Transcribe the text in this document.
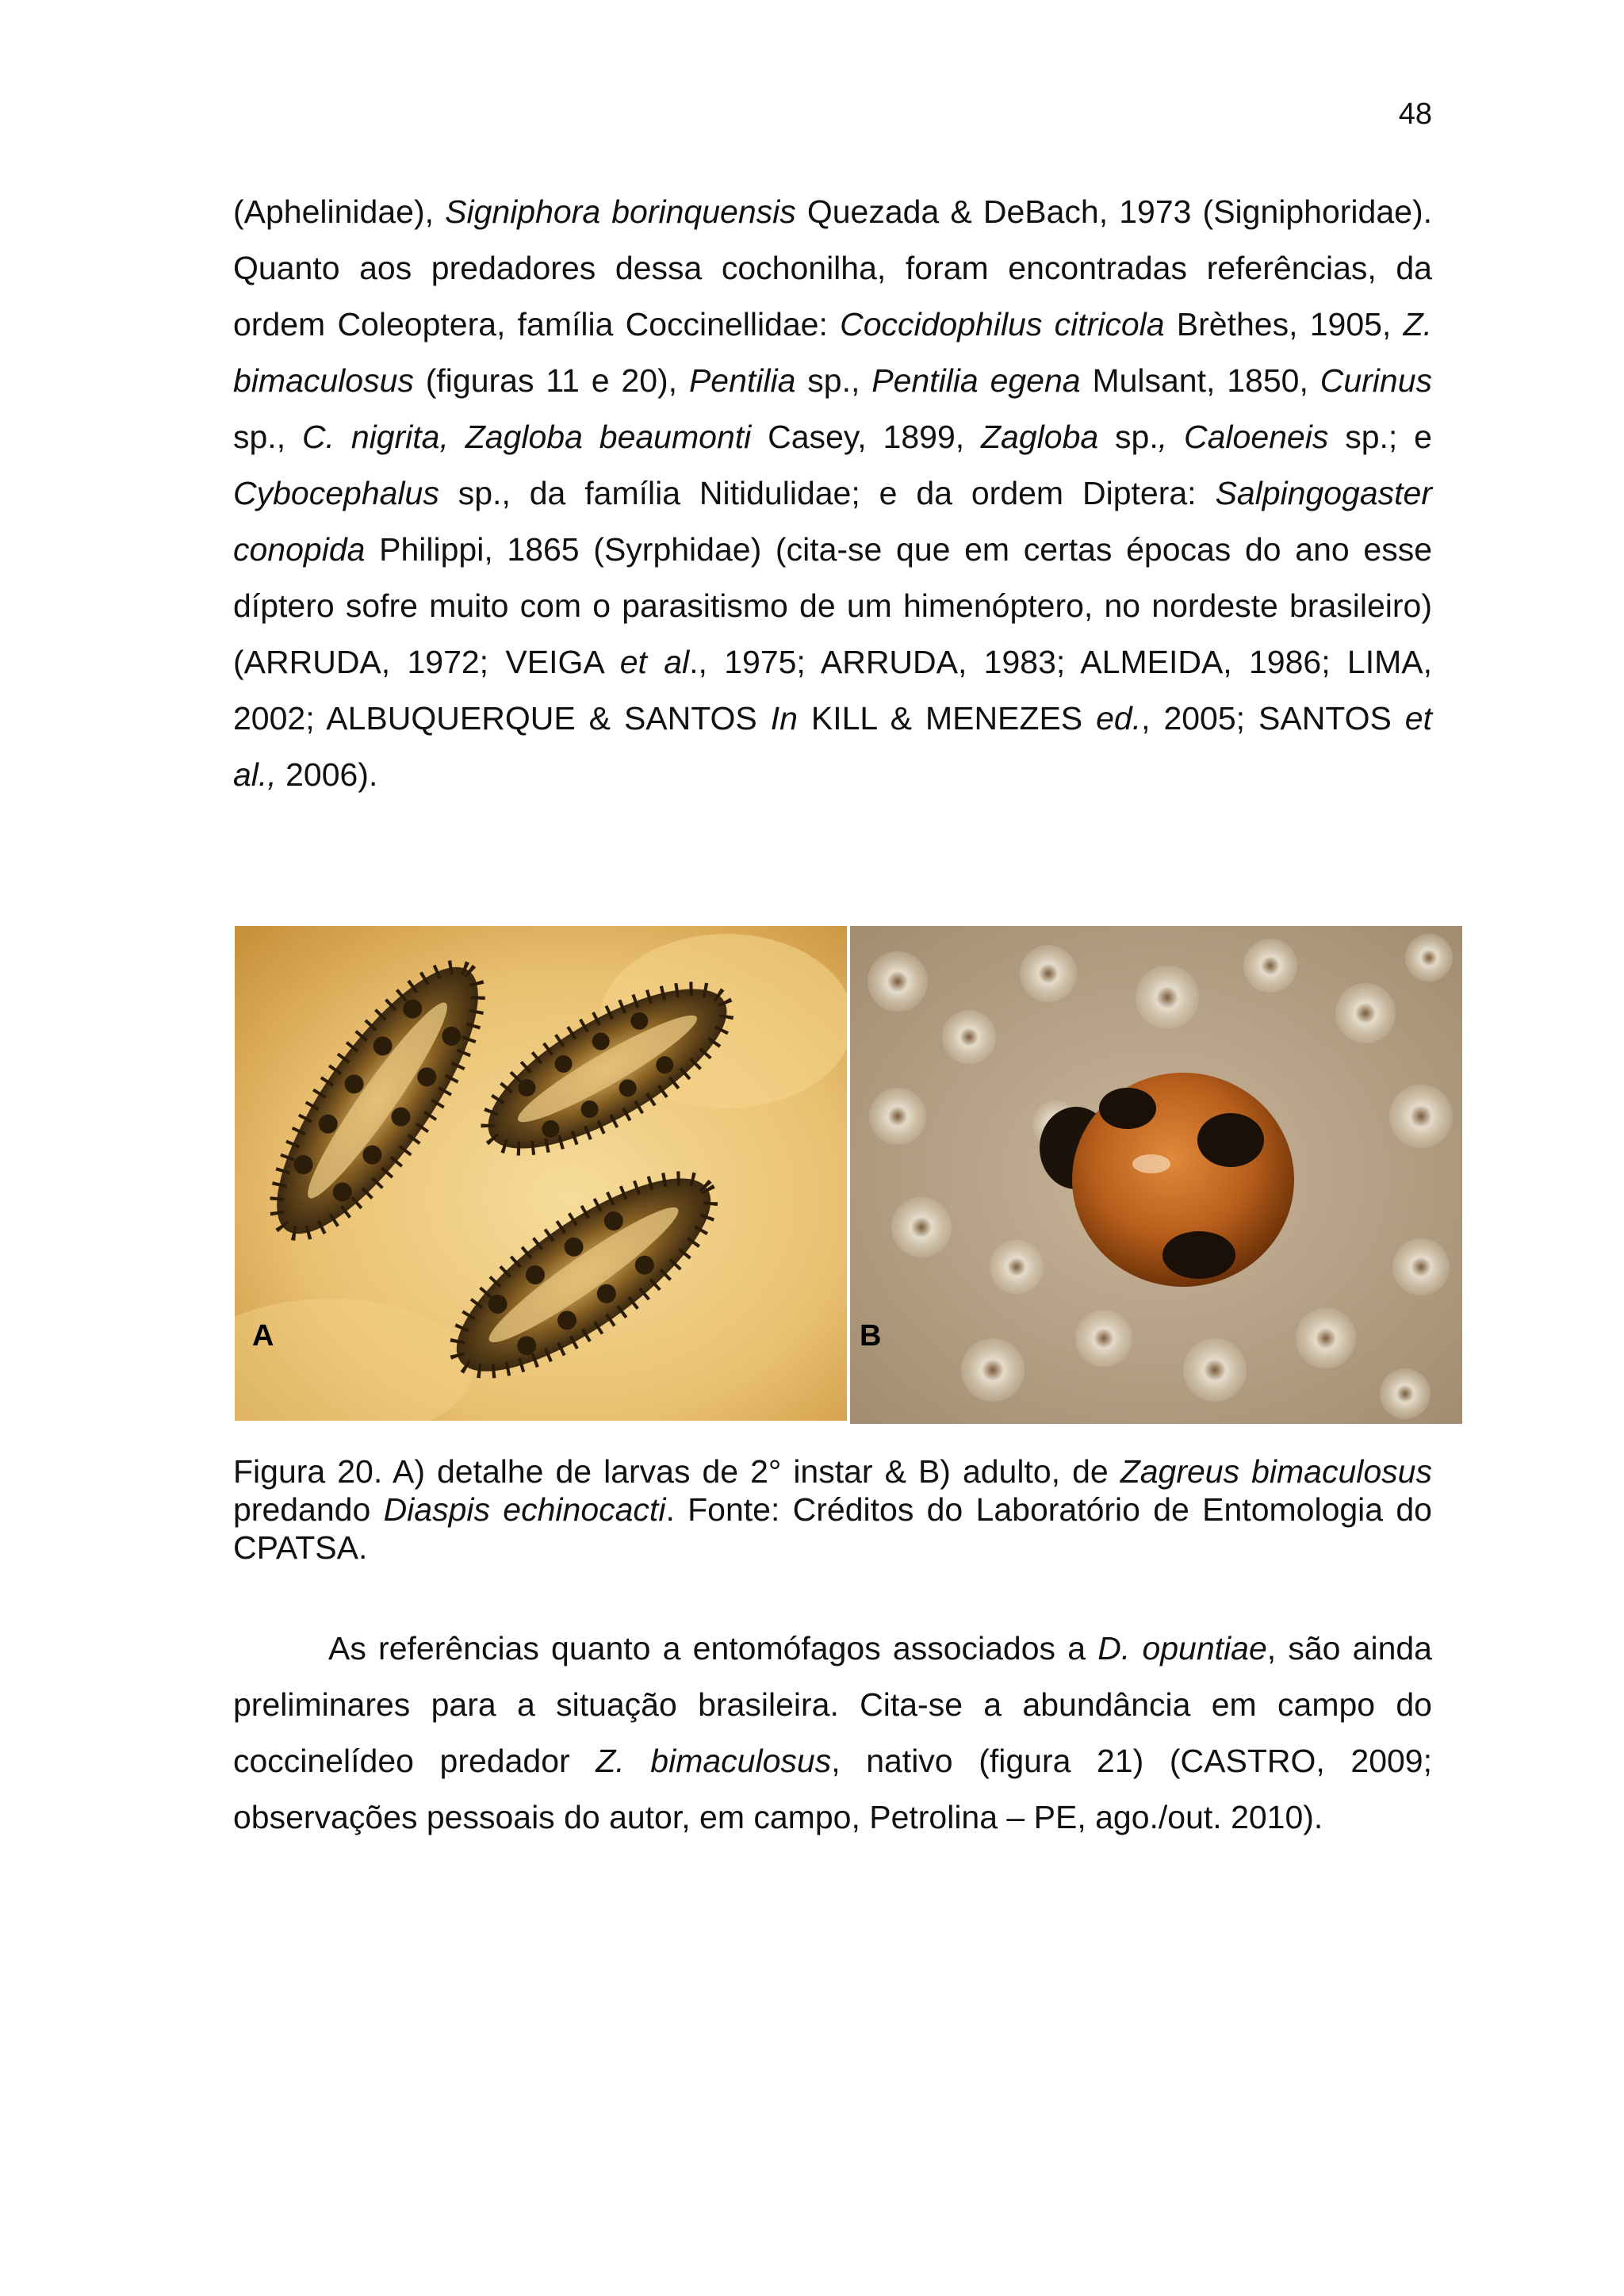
48

(Aphelinidae), Signiphora borinquensis Quezada & DeBach, 1973 (Signiphoridae). Quanto aos predadores dessa cochonilha, foram encontradas referências, da ordem Coleoptera, família Coccinellidae: Coccidophilus citricola Brèthes, 1905, Z. bimaculosus (figuras 11 e 20), Pentilia sp., Pentilia egena Mulsant, 1850, Curinus sp., C. nigrita, Zagloba beaumonti Casey, 1899, Zagloba sp., Caloeneis sp.; e Cybocephalus sp., da família Nitidulidae; e da ordem Diptera: Salpingogaster conopida Philippi, 1865 (Syrphidae) (cita-se que em certas épocas do ano esse díptero sofre muito com o parasitismo de um himenóptero, no nordeste brasileiro) (ARRUDA, 1972; VEIGA et al., 1975; ARRUDA, 1983; ALMEIDA, 1986; LIMA, 2002; ALBUQUERQUE & SANTOS In KILL & MENEZES ed., 2005; SANTOS et al., 2006).

A	B

Figura 20. A) detalhe de larvas de 2° instar & B) adulto, de Zagreus bimaculosus predando Diaspis echinocacti. Fonte: Créditos do Laboratório de Entomologia do CPATSA.

As referências quanto a entomófagos associados a D. opuntiae, são ainda preliminares para a situação brasileira. Cita-se a abundância em campo do coccinelídeo predador Z. bimaculosus, nativo (figura 21) (CASTRO, 2009; observações pessoais do autor, em campo, Petrolina – PE, ago./out. 2010).
